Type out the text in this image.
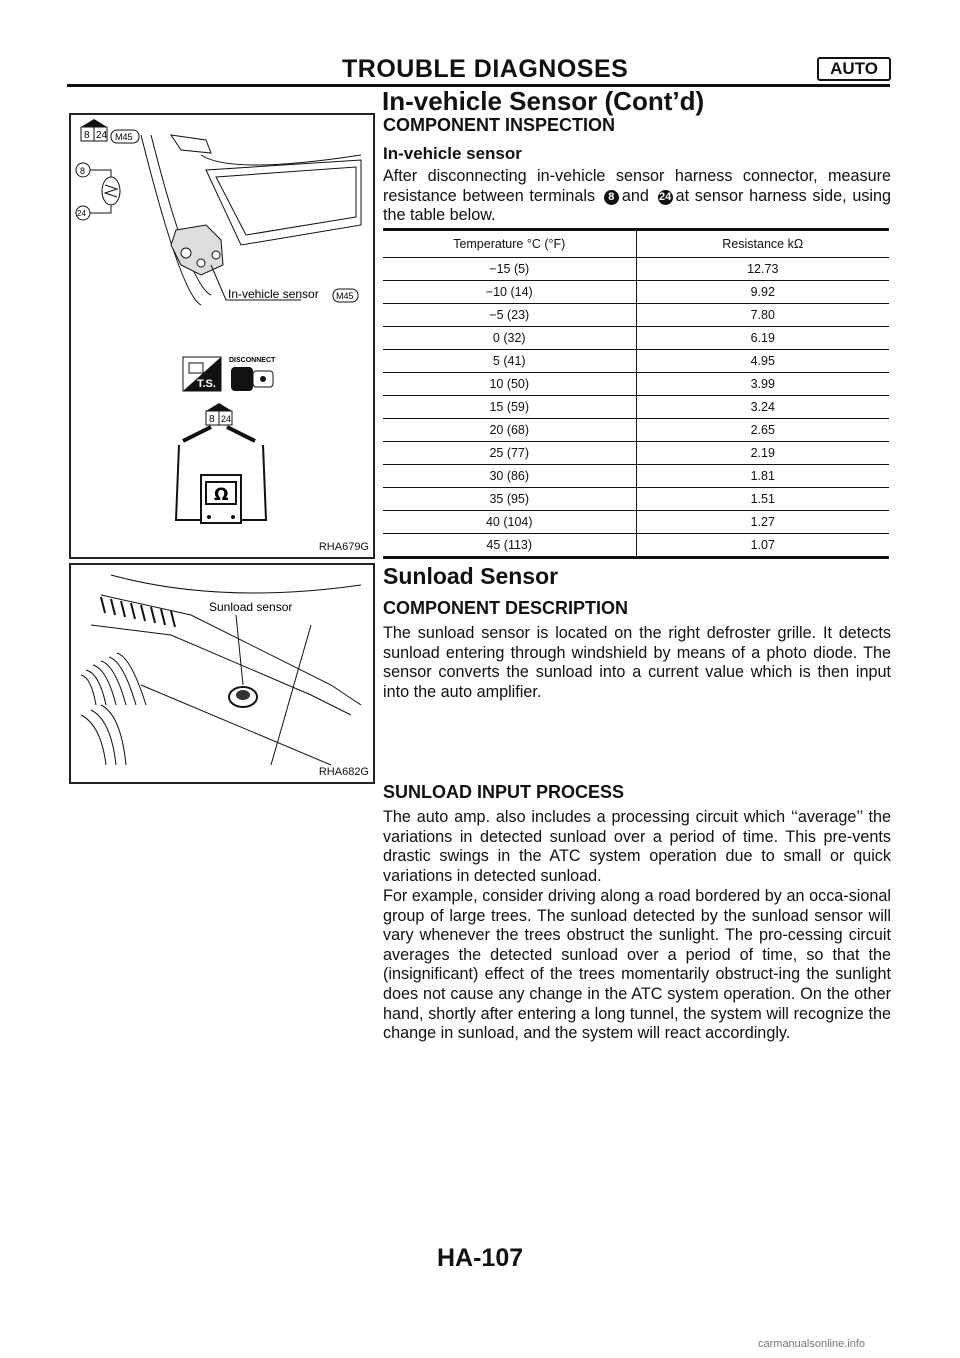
TROUBLE DIAGNOSES	AUTO
In-vehicle Sensor (Cont’d)
8 24 M45
8
24
In-vehicle sensor M45
T.S.
DISCONNECT
8 24
Ω
RHA679G
Sunload sensor
RHA682G
COMPONENT INSPECTION
In-vehicle sensor
After disconnecting in-vehicle sensor harness connector, measure resistance between terminals 8 and 24 at sensor harness side, using the table below.
Temperature °C (°F)	Resistance kΩ
−15 (5)	12.73
−10 (14)	9.92
−5 (23)	7.80
0 (32)	6.19
5 (41)	4.95
10 (50)	3.99
15 (59)	3.24
20 (68)	2.65
25 (77)	2.19
30 (86)	1.81
35 (95)	1.51
40 (104)	1.27
45 (113)	1.07
Sunload Sensor
COMPONENT DESCRIPTION
The sunload sensor is located on the right defroster grille. It detects sunload entering through windshield by means of a photo diode. The sensor converts the sunload into a current value which is then input into the auto amplifier.
SUNLOAD INPUT PROCESS
The auto amp. also includes a processing circuit which ‘‘average’’ the variations in detected sunload over a period of time. This pre-vents drastic swings in the ATC system operation due to small or quick variations in detected sunload.
For example, consider driving along a road bordered by an occa-sional group of large trees. The sunload detected by the sunload sensor will vary whenever the trees obstruct the sunlight. The pro-cessing circuit averages the detected sunload over a period of time, so that the (insignificant) effect of the trees momentarily obstruct-ing the sunlight does not cause any change in the ATC system operation. On the other hand, shortly after entering a long tunnel, the system will recognize the change in sunload, and the system will react accordingly.
HA-107
carmanualsonline.info
